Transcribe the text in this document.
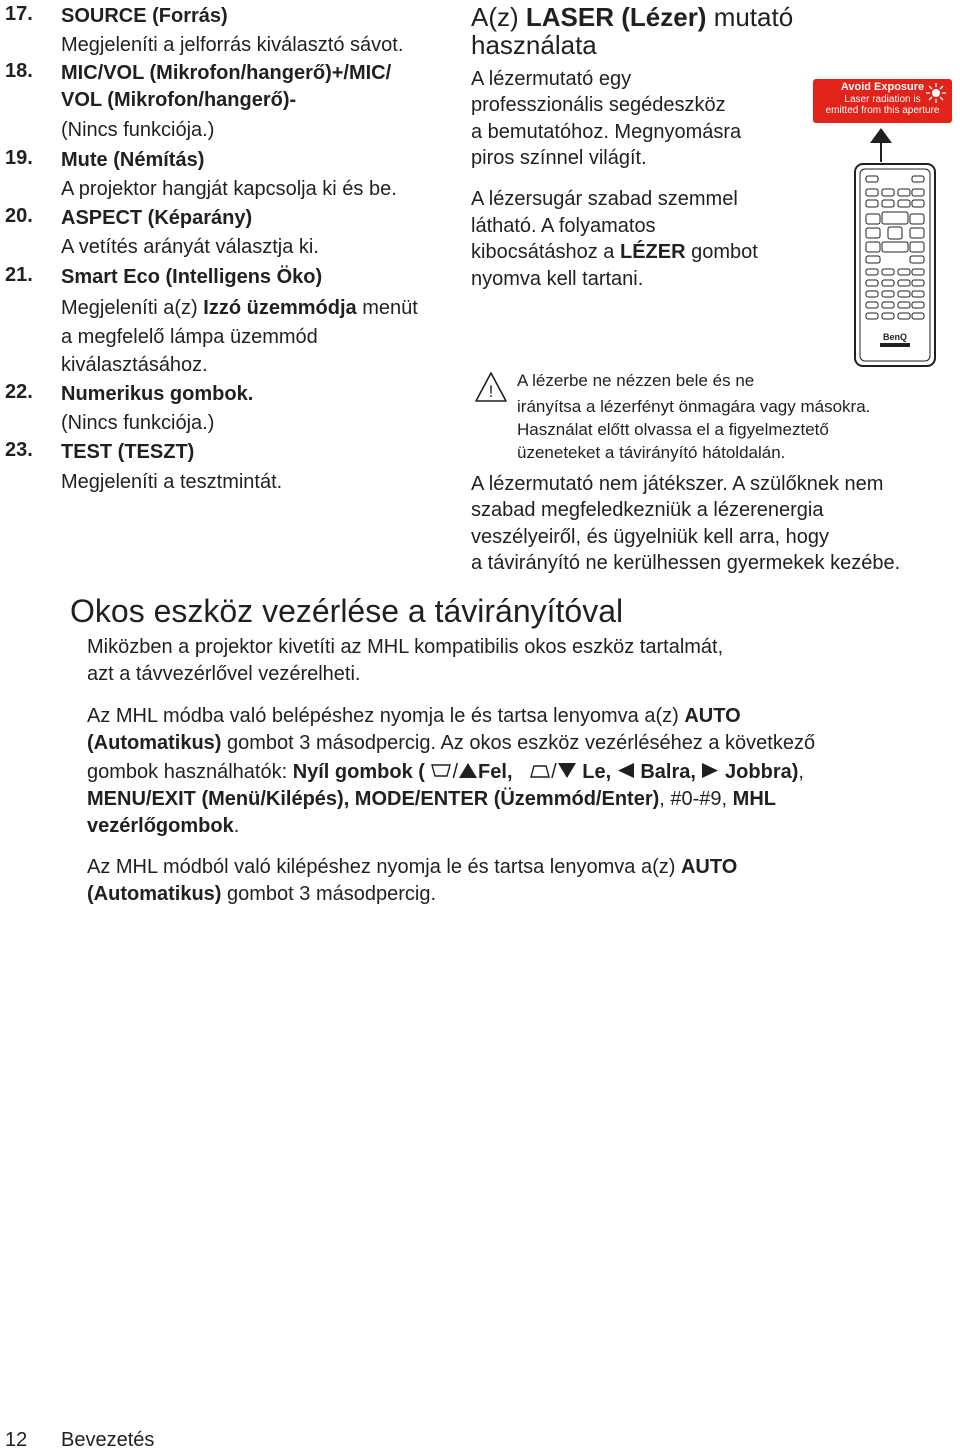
17. SOURCE (Forrás)
Megjeleníti a jelforrás kiválasztó sávot.
18. MIC/VOL (Mikrofon/hangerő)+/MIC/
VOL (Mikrofon/hangerő)-
(Nincs funkciója.)
19. Mute (Némítás)
A projektor hangját kapcsolja ki és be.
20. ASPECT (Képarány)
A vetítés arányát választja ki.
21. Smart Eco (Intelligens Öko)
Megjeleníti a(z) Izzó üzemmódja menüt
a megfelelő lámpa üzemmód
kiválasztásához.
22. Numerikus gombok.
(Nincs funkciója.)
23. TEST (TESZT)
Megjeleníti a tesztmintát.
A(z) LASER (Lézer) mutató
használata
A lézermutató egy
professzionális segédeszköz
a bemutatóhoz. Megnyomásra
piros színnel világít.
A lézersugár szabad szemmel
látható. A folyamatos
kibocsátáshoz a LÉZER gombot
nyomva kell tartani.
Avoid Exposure
Laser radiation is
emitted from this aperture
BenQ
!
A lézerbe ne nézzen bele és ne
irányítsa a lézerfényt önmagára vagy másokra.
Használat előtt olvassa el a figyelmeztető
üzeneteket a távirányító hátoldalán.
A lézermutató nem játékszer. A szülőknek nem
szabad megfeledkezniük a lézerenergia
veszélyeiről, és ügyelniük kell arra, hogy
a távirányító ne kerülhessen gyermekek kezébe.
Okos eszköz vezérlése a távirányítóval
Miközben a projektor kivetíti az MHL kompatibilis okos eszköz tartalmát,
azt a távvezérlővel vezérelheti.
Az MHL módba való belépéshez nyomja le és tartsa lenyomva a(z) AUTO
(Automatikus) gombot 3 másodpercig. Az okos eszköz vezérléséhez a következő
gombok használhatók: Nyíl gombok ( / Fel, / Le, Balra, Jobbra),
MENU/EXIT (Menü/Kilépés), MODE/ENTER (Üzemmód/Enter), #0-#9, MHL
vezérlőgombok.
Az MHL módból való kilépéshez nyomja le és tartsa lenyomva a(z) AUTO
(Automatikus) gombot 3 másodpercig.
12 Bevezetés
